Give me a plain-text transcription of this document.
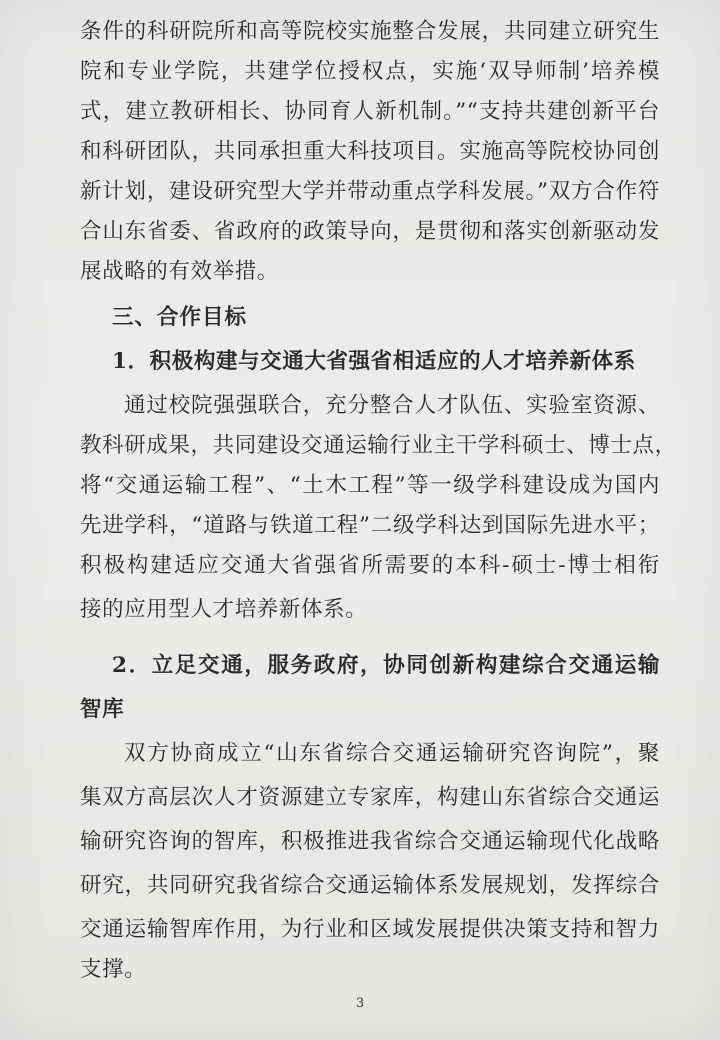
条件的科研院所和高等院校实施整合发展，共同建立研究生
院和专业学院，共建学位授权点，实施‘双导师制’培养模
式，建立教研相长、协同育人新机制。”“支持共建创新平台
和科研团队，共同承担重大科技项目。实施高等院校协同创
新计划，建设研究型大学并带动重点学科发展。”双方合作符
合山东省委、省政府的政策导向，是贯彻和落实创新驱动发
展战略的有效举措。
三、合作目标
1．积极构建与交通大省强省相适应的人才培养新体系
通过校院强强联合，充分整合人才队伍、实验室资源、
教科研成果，共同建设交通运输行业主干学科硕士、博士点，
将“交通运输工程”、“土木工程”等一级学科建设成为国内
先进学科，“道路与铁道工程”二级学科达到国际先进水平；
积极构建适应交通大省强省所需要的本科-硕士-博士相衔
接的应用型人才培养新体系。
2．立足交通，服务政府，协同创新构建综合交通运输
智库
双方协商成立“山东省综合交通运输研究咨询院”，聚
集双方高层次人才资源建立专家库，构建山东省综合交通运
输研究咨询的智库，积极推进我省综合交通运输现代化战略
研究，共同研究我省综合交通运输体系发展规划，发挥综合
交通运输智库作用，为行业和区域发展提供决策支持和智力
支撑。
3
